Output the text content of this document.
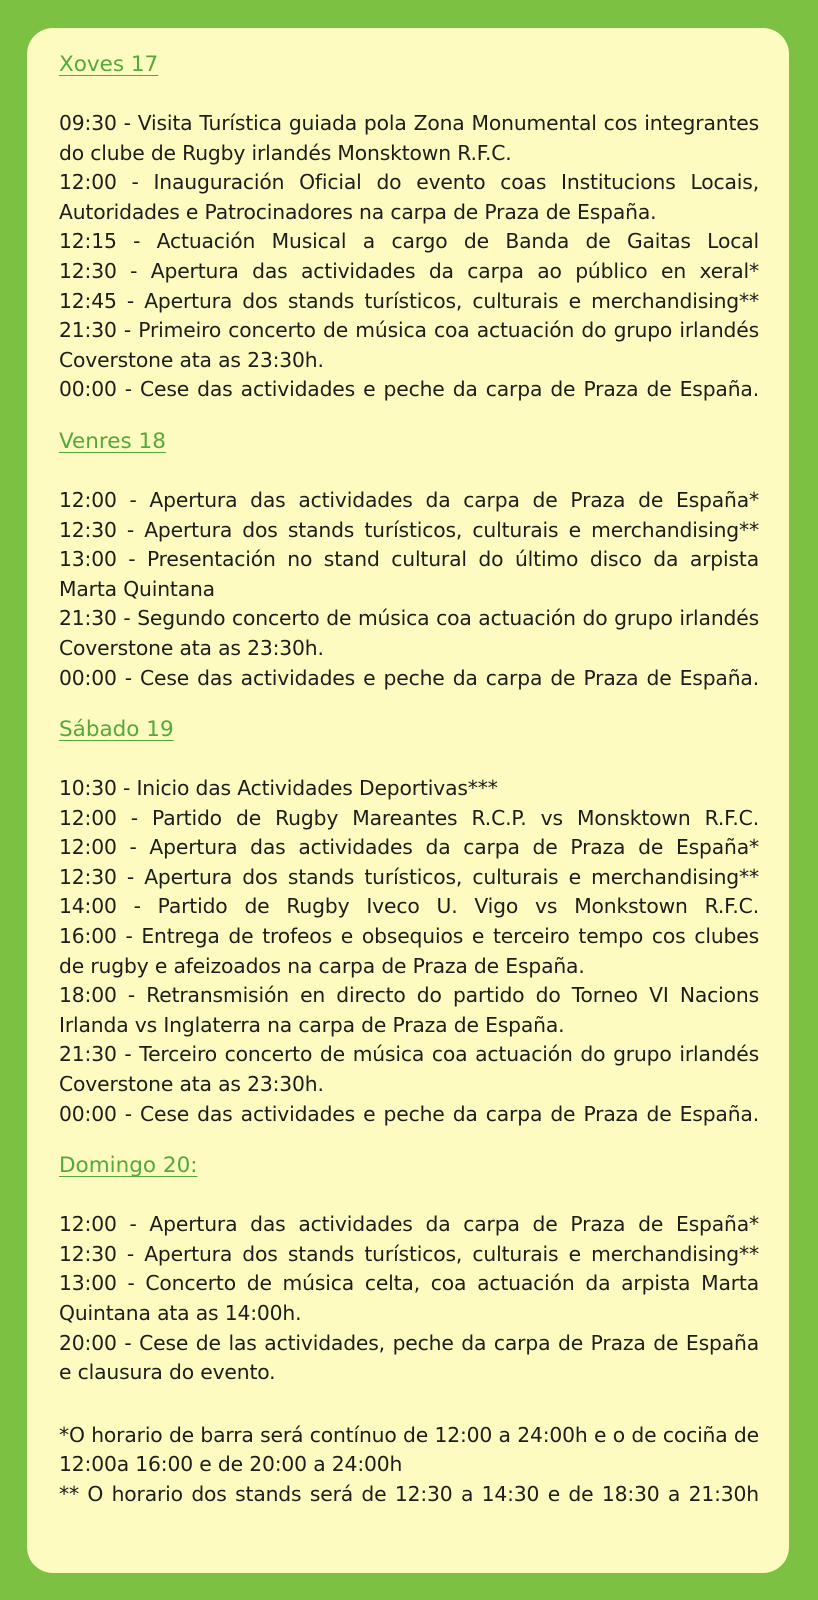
Xoves 17

09:30 - Visita Turística guiada pola Zona Monumental cos integrantes do clube de Rugby irlandés Monsktown R.F.C.

12:00 - Inauguración Oficial do evento coas Institucions Locais, Autoridades e Patrocinadores na carpa de Praza de España.

12:15 - Actuación Musical a cargo de Banda de Gaitas Local

12:30 - Apertura das actividades da carpa ao público en xeral*

12:45 - Apertura dos stands turísticos, culturais e merchandising**

21:30 - Primeiro concerto de música coa actuación do grupo irlandés Coverstone ata as 23:30h.

00:00 - Cese das actividades e peche da carpa de Praza de España.

Venres 18

12:00 - Apertura das actividades da carpa de Praza de España*

12:30 - Apertura dos stands turísticos, culturais e merchandising**

13:00 - Presentación no stand cultural do último disco da arpista Marta Quintana

21:30 - Segundo concerto de música coa actuación do grupo irlandés Coverstone ata as 23:30h.

00:00 - Cese das actividades e peche da carpa de Praza de España.

Sábado 19

10:30 - Inicio das Actividades Deportivas***

12:00 - Partido de Rugby Mareantes R.C.P. vs Monsktown R.F.C.

12:00 - Apertura das actividades da carpa de Praza de España*

12:30 - Apertura dos stands turísticos, culturais e merchandising**

14:00 - Partido de Rugby Iveco U. Vigo vs Monkstown R.F.C.

16:00 - Entrega de trofeos e obsequios e terceiro tempo cos clubes de rugby e afeizoados na carpa de Praza de España.

18:00 - Retransmisión en directo do partido do Torneo VI Nacions Irlanda vs Inglaterra na carpa de Praza de España.

21:30 - Terceiro concerto de música coa actuación do grupo irlandés Coverstone ata as 23:30h.

00:00 - Cese das actividades e peche da carpa de Praza de España.

Domingo 20:

12:00 - Apertura das actividades da carpa de Praza de España*

12:30 - Apertura dos stands turísticos, culturais e merchandising**

13:00 - Concerto de música celta, coa actuación da arpista Marta Quintana ata as 14:00h.

20:00 - Cese de las actividades, peche da carpa de Praza de España e clausura do evento.

*O horario de barra será contínuo de 12:00 a 24:00h e o de cociña de 12:00a 16:00 e de 20:00 a 24:00h

** O horario dos stands será de 12:30 a 14:30 e de 18:30 a 21:30h
